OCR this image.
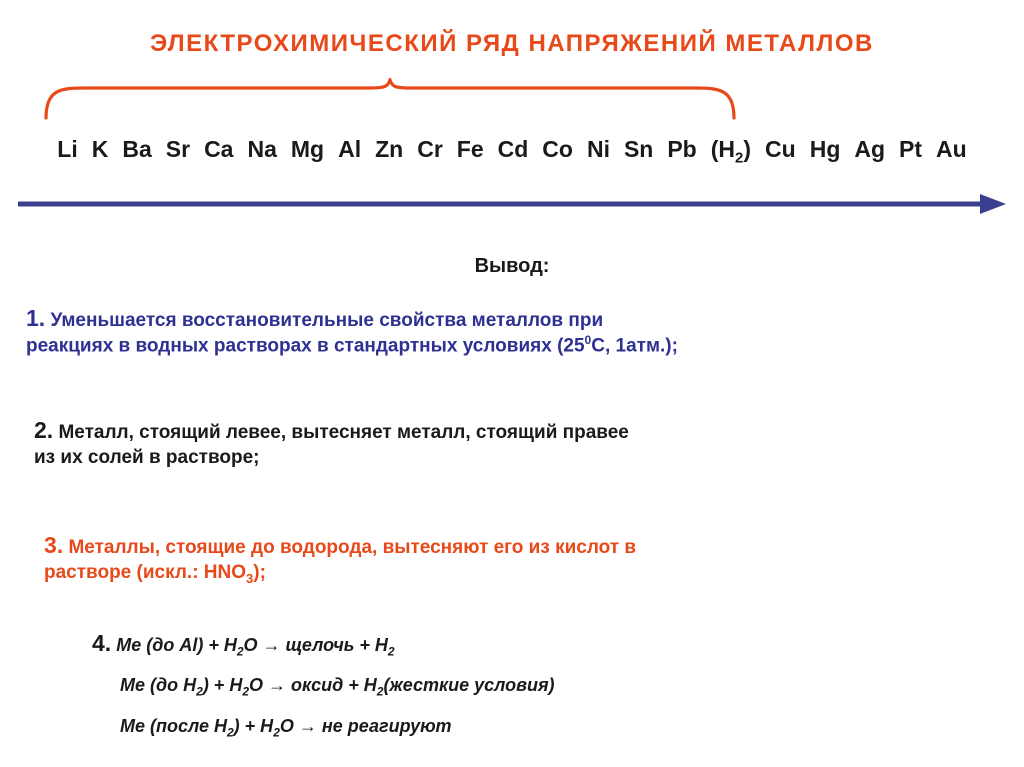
ЭЛЕКТРОХИМИЧЕСКИЙ РЯД НАПРЯЖЕНИЙ МЕТАЛЛОВ
Li K Ba Sr Ca Na Mg Al Zn Cr Fe Cd Co Ni Sn Pb $(H_2)$ Cu Hg Ag Pt Au
Вывод:
1. Уменьшается восстановительные свойства металлов при
реакциях в водных растворах в стандартных условиях ($25^0С$, 1атм.);
2. Металл, стоящий левее, вытесняет металл, стоящий правее
из их солей в растворе;
3. Металлы, стоящие до водорода, вытесняют его из кислот в
растворе (искл.: $HNO_3$);
4. Ме (до $Al) + H_2O$ → щелочь + $H_2$
Ме (до $H_2) + H_2O$ → оксид + $H_2(жесткие$ условия)
Ме (после $H_2) + H_2O$ → не реагируют
